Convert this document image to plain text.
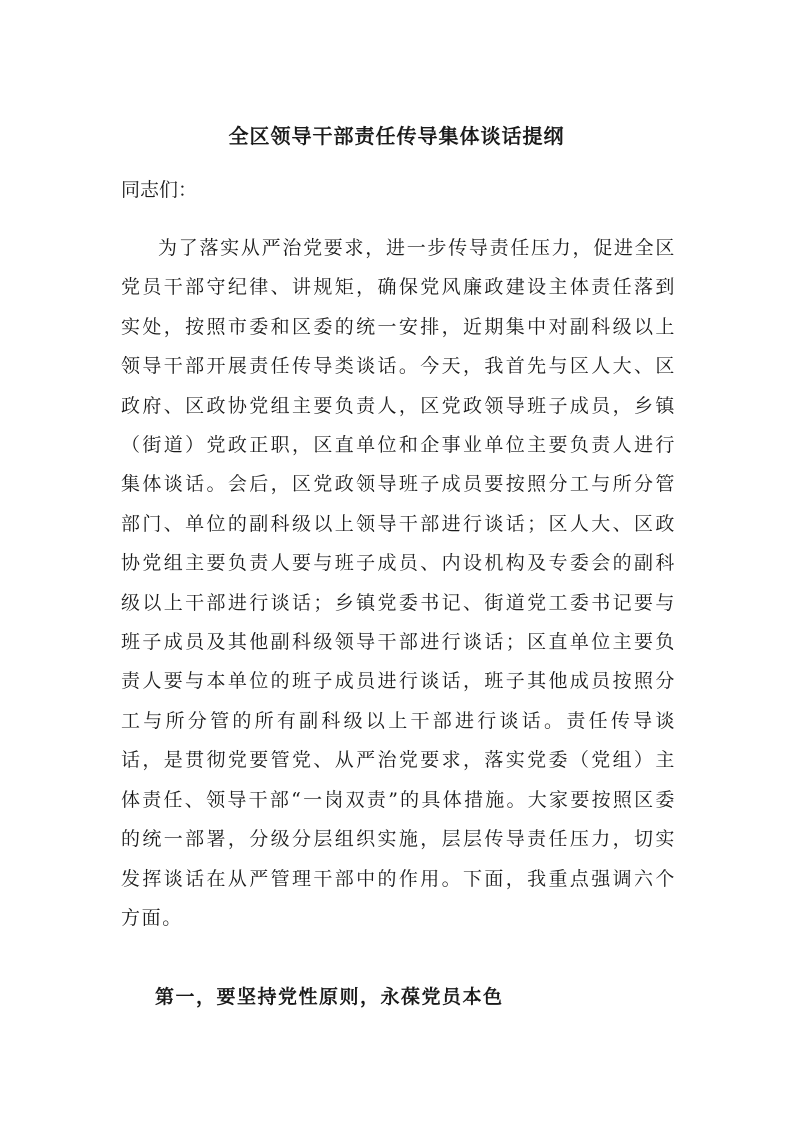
全区领导干部责任传导集体谈话提纲

同志们：

为了落实从严治党要求，进一步传导责任压力，促进全区党员干部守纪律、讲规矩，确保党风廉政建设主体责任落到实处，按照市委和区委的统一安排，近期集中对副科级以上领导干部开展责任传导类谈话。今天，我首先与区人大、区政府、区政协党组主要负责人，区党政领导班子成员，乡镇（街道）党政正职，区直单位和企事业单位主要负责人进行集体谈话。会后，区党政领导班子成员要按照分工与所分管部门、单位的副科级以上领导干部进行谈话；区人大、区政协党组主要负责人要与班子成员、内设机构及专委会的副科级以上干部进行谈话；乡镇党委书记、街道党工委书记要与班子成员及其他副科级领导干部进行谈话；区直单位主要负责人要与本单位的班子成员进行谈话，班子其他成员按照分工与所分管的所有副科级以上干部进行谈话。责任传导谈话，是贯彻党要管党、从严治党要求，落实党委（党组）主体责任、领导干部“一岗双责”的具体措施。大家要按照区委的统一部署，分级分层组织实施，层层传导责任压力，切实发挥谈话在从严管理干部中的作用。下面，我重点强调六个方面。

第一，要坚持党性原则，永葆党员本色
